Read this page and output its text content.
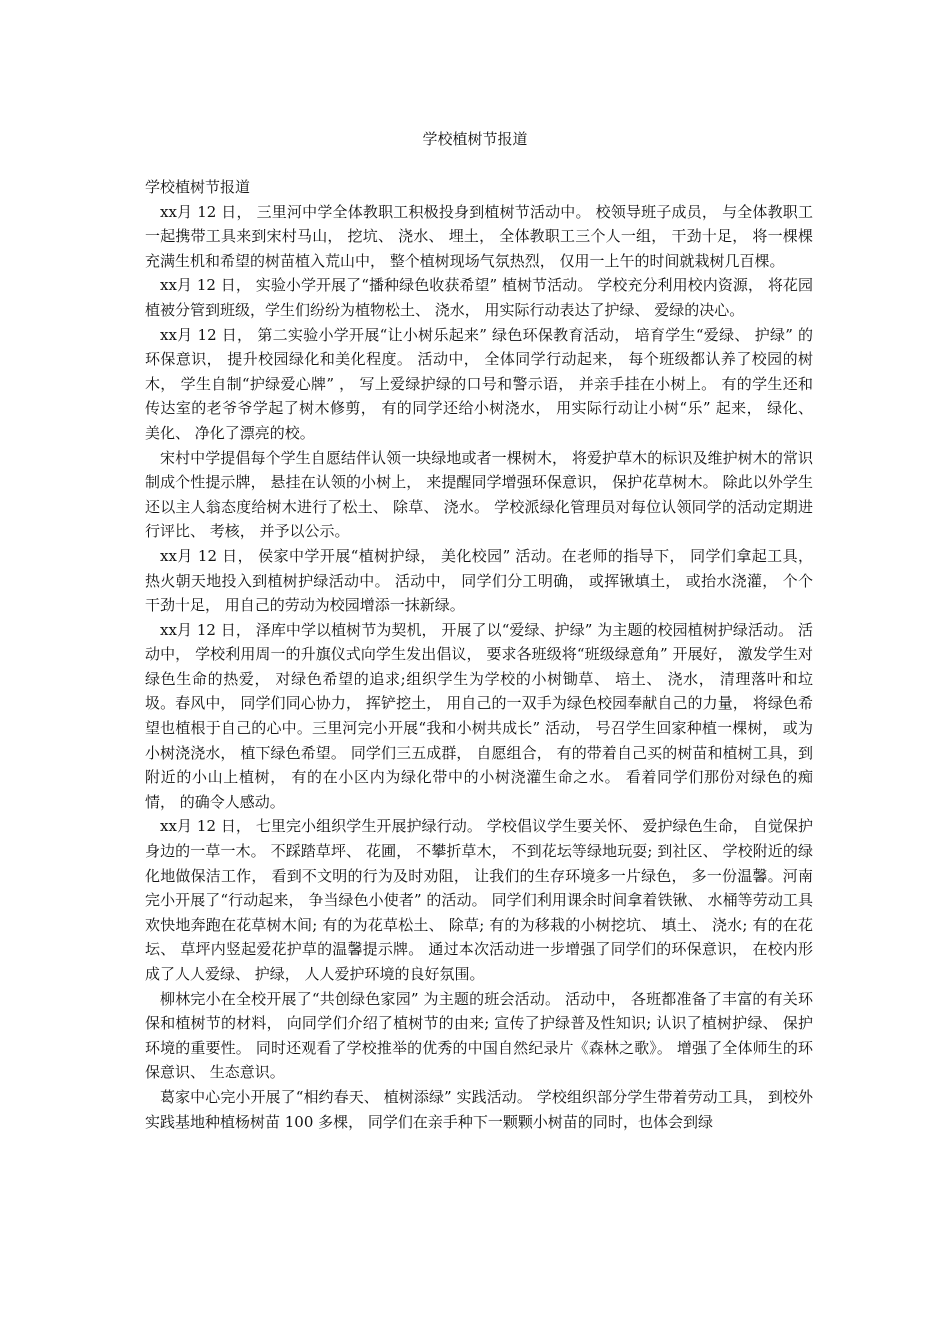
学校植树节报道

学校植树节报道

xx月 12 日， 三里河中学全体教职工积极投身到植树节活动中。 校领导班子成员， 与全体教职工一起携带工具来到宋村马山， 挖坑、 浇水、 埋土， 全体教职工三个人一组， 干劲十足， 将一棵棵充满生机和希望的树苗植入荒山中， 整个植树现场气氛热烈， 仅用一上午的时间就栽树几百棵。

xx月 12 日， 实验小学开展了“播种绿色收获希望” 植树节活动。 学校充分利用校内资源， 将花园植被分管到班级，学生们纷纷为植物松土、 浇水， 用实际行动表达了护绿、 爱绿的决心。

xx月 12 日， 第二实验小学开展“让小树乐起来” 绿色环保教育活动， 培育学生“爱绿、 护绿” 的环保意识， 提升校园绿化和美化程度。 活动中， 全体同学行动起来， 每个班级都认养了校园的树木， 学生自制“护绿爱心牌” ， 写上爱绿护绿的口号和警示语， 并亲手挂在小树上。 有的学生还和传达室的老爷爷学起了树木修剪， 有的同学还给小树浇水， 用实际行动让小树“乐” 起来， 绿化、 美化、 净化了漂亮的校。

宋村中学提倡每个学生自愿结伴认领一块绿地或者一棵树木， 将爱护草木的标识及维护树木的常识制成个性提示牌， 悬挂在认领的小树上， 来提醒同学增强环保意识， 保护花草树木。 除此以外学生还以主人翁态度给树木进行了松土、 除草、 浇水。 学校派绿化管理员对每位认领同学的活动定期进行评比、 考核， 并予以公示。

xx月 12 日， 侯家中学开展“植树护绿， 美化校园” 活动。在老师的指导下， 同学们拿起工具， 热火朝天地投入到植树护绿活动中。 活动中， 同学们分工明确， 或挥锹填土， 或抬水浇灌， 个个干劲十足， 用自己的劳动为校园增添一抹新绿。

xx月 12 日， 泽库中学以植树节为契机， 开展了以“爱绿、护绿” 为主题的校园植树护绿活动。 活动中， 学校利用周一的升旗仪式向学生发出倡议， 要求各班级将“班级绿意角” 开展好， 激发学生对绿色生命的热爱， 对绿色希望的追求;组织学生为学校的小树锄草、 培土、 浇水， 清理落叶和垃圾。春风中， 同学们同心协力， 挥铲挖土， 用自己的一双手为绿色校园奉献自己的力量， 将绿色希望也植根于自己的心中。三里河完小开展“我和小树共成长” 活动， 号召学生回家种植一棵树， 或为小树浇浇水， 植下绿色希望。 同学们三五成群， 自愿组合， 有的带着自己买的树苗和植树工具，到附近的小山上植树， 有的在小区内为绿化带中的小树浇灌生命之水。 看着同学们那份对绿色的痴情， 的确令人感动。

xx月 12 日， 七里完小组织学生开展护绿行动。 学校倡议学生要关怀、 爱护绿色生命， 自觉保护身边的一草一木。 不踩踏草坪、 花圃， 不攀折草木， 不到花坛等绿地玩耍; 到社区、 学校附近的绿化地做保洁工作， 看到不文明的行为及时劝阻， 让我们的生存环境多一片绿色， 多一份温馨。河南完小开展了“行动起来， 争当绿色小使者” 的活动。 同学们利用课余时间拿着铁锹、 水桶等劳动工具欢快地奔跑在花草树木间; 有的为花草松土、 除草; 有的为移栽的小树挖坑、 填土、 浇水; 有的在花坛、 草坪内竖起爱花护草的温馨提示牌。 通过本次活动进一步增强了同学们的环保意识， 在校内形成了人人爱绿、 护绿， 人人爱护环境的良好氛围。

柳林完小在全校开展了“共创绿色家园” 为主题的班会活动。 活动中， 各班都准备了丰富的有关环保和植树节的材料， 向同学们介绍了植树节的由来; 宣传了护绿普及性知识; 认识了植树护绿、 保护环境的重要性。 同时还观看了学校推举的优秀的中国自然纪录片《森林之歌》。 增强了全体师生的环保意识、 生态意识。

葛家中心完小开展了“相约春天、 植树添绿” 实践活动。 学校组织部分学生带着劳动工具， 到校外实践基地种植杨树苗 100 多棵， 同学们在亲手种下一颗颗小树苗的同时，也体会到绿
